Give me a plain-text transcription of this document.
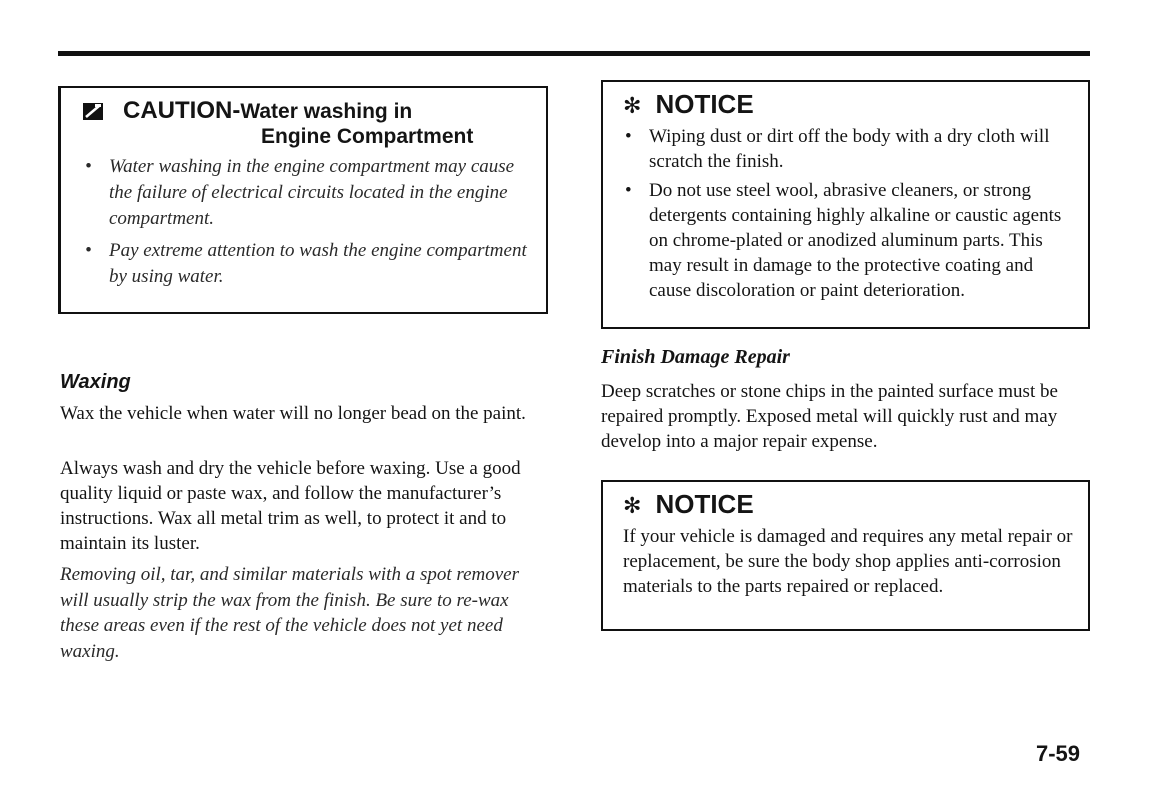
CAUTION-Water washing in
Engine Compartment
• Water washing in the engine compartment may cause the failure of electrical circuits located in the engine compartment.
• Pay extreme attention to wash the engine compartment by using water.
Waxing

Wax the vehicle when water will no longer bead on the paint.

Always wash and dry the vehicle before waxing. Use a good quality liquid or paste wax, and follow the manufacturer’s instructions. Wax all metal trim as well, to protect it and to maintain its luster.

Removing oil, tar, and similar materials with a spot remover will usually strip the wax from the finish. Be sure to re-wax these areas even if the rest of the vehicle does not yet need waxing.

✻ NOTICE
• Wiping dust or dirt off the body with a dry cloth will scratch the finish.
• Do not use steel wool, abrasive cleaners, or strong detergents containing highly alkaline or caustic agents on chrome-plated or anodized aluminum parts. This may result in damage to the protective coating and cause discoloration or paint deterioration.
Finish Damage Repair

Deep scratches or stone chips in the painted surface must be repaired promptly. Exposed metal will quickly rust and may develop into a major repair expense.

✻ NOTICE

If your vehicle is damaged and requires any metal repair or replacement, be sure the body shop applies anti-corrosion materials to the parts repaired or replaced.

7-59
